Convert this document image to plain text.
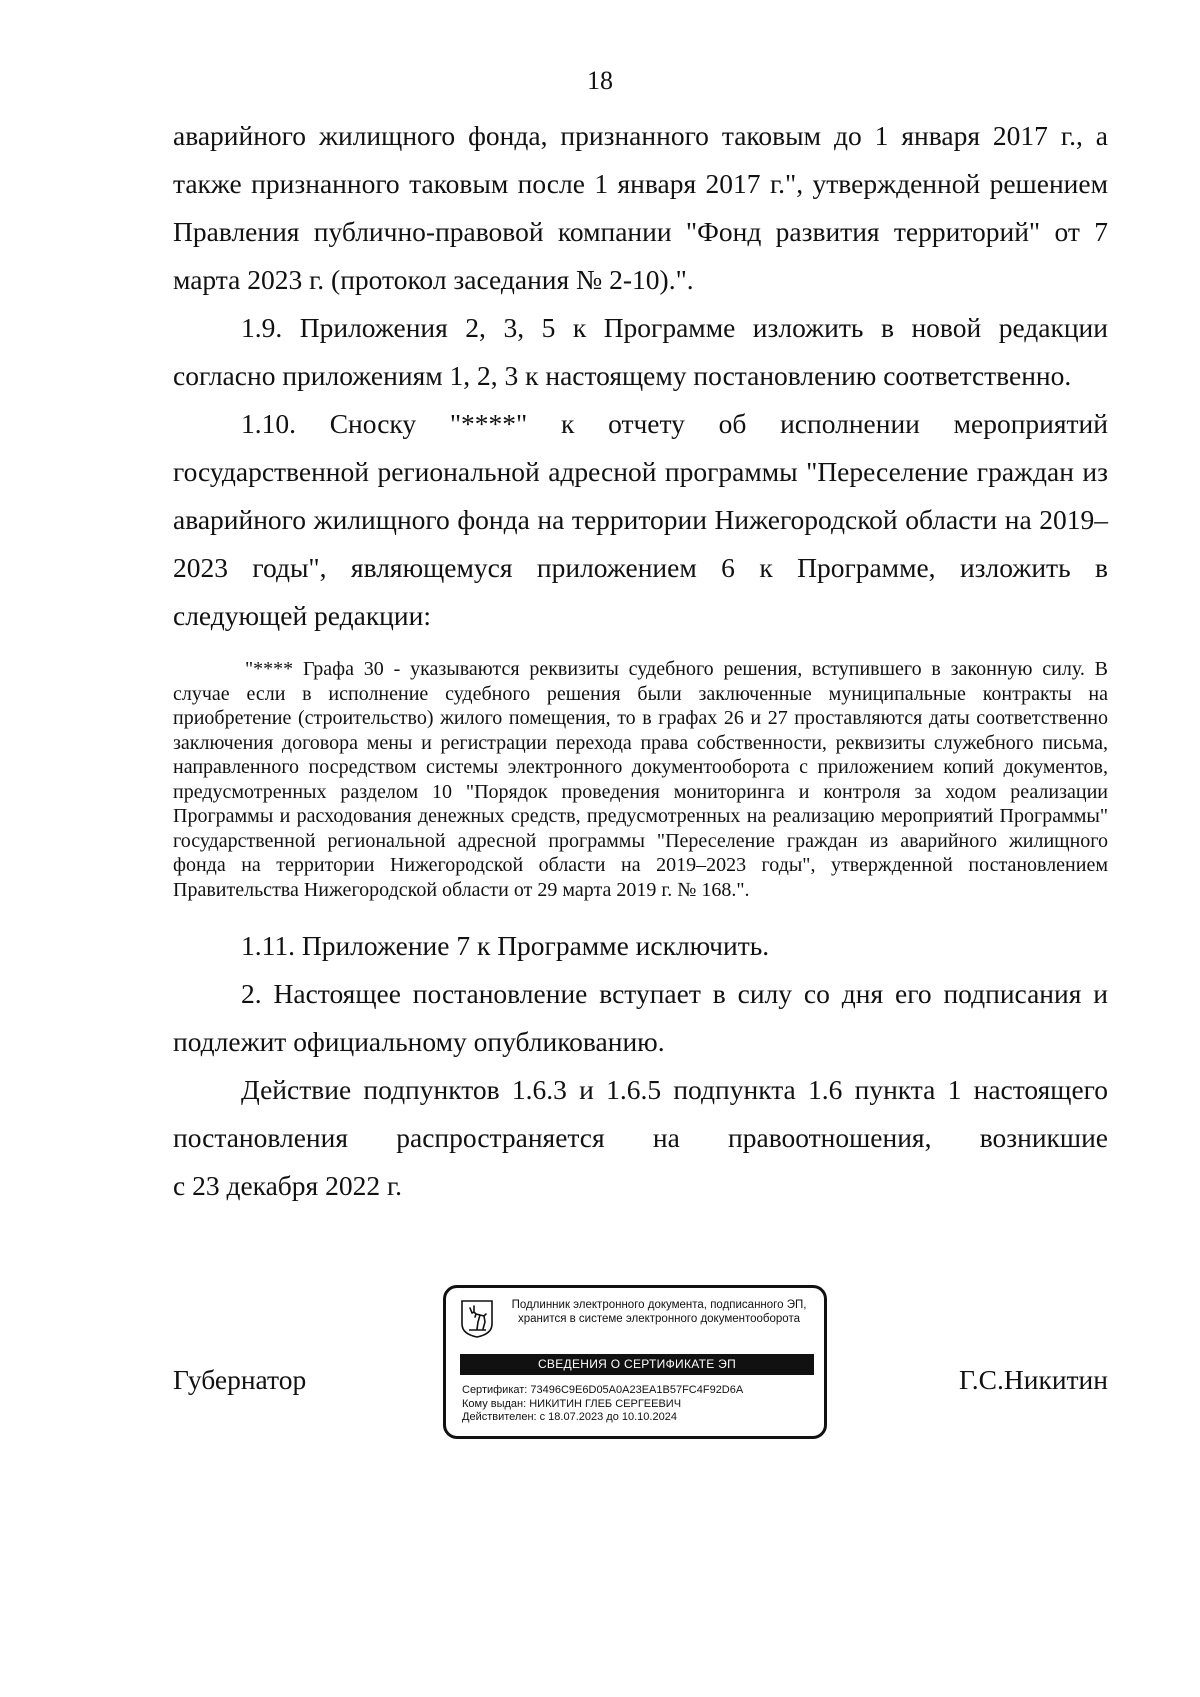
18

аварийного жилищного фонда, признанного таковым до 1 января 2017 г., а также признанного таковым после 1 января 2017 г.", утвержденной решением Правления публично-правовой компании "Фонд развития территорий" от 7 марта 2023 г. (протокол заседания № 2-10).".

1.9. Приложения 2, 3, 5 к Программе изложить в новой редакции согласно приложениям 1, 2, 3 к настоящему постановлению соответственно.

1.10. Сноску "****" к отчету об исполнении мероприятий государственной региональной адресной программы "Переселение граждан из аварийного жилищного фонда на территории Нижегородской области на 2019–2023 годы", являющемуся приложением 6 к Программе, изложить в следующей редакции:

"**** Графа 30 - указываются реквизиты судебного решения, вступившего в законную силу. В случае если в исполнение судебного решения были заключенные муниципальные контракты на приобретение (строительство) жилого помещения, то в графах 26 и 27 проставляются даты соответственно заключения договора мены и регистрации перехода права собственности, реквизиты служебного письма, направленного посредством системы электронного документооборота с приложением копий документов, предусмотренных разделом 10 "Порядок проведения мониторинга и контроля за ходом реализации Программы и расходования денежных средств, предусмотренных на реализацию мероприятий Программы" государственной региональной адресной программы "Переселение граждан из аварийного жилищного фонда на территории Нижегородской области на 2019–2023 годы", утвержденной постановлением Правительства Нижегородской области от 29 марта 2019 г. № 168.".

1.11. Приложение 7 к Программе исключить.

2. Настоящее постановление вступает в силу со дня его подписания и подлежит официальному опубликованию.

Действие подпунктов 1.6.3 и 1.6.5 подпункта 1.6 пункта 1 настоящего

постановления распространяется на правоотношения, возникшие

с 23 декабря 2022 г.

Губернатор
Подлинник электронного документа, подписанного ЭП, хранится в системе электронного документооборота
СВЕДЕНИЯ О СЕРТИФИКАТЕ ЭП
Сертификат: 73496C9E6D05A0A23EA1B57FC4F92D6A
Кому выдан: НИКИТИН ГЛЕБ СЕРГЕЕВИЧ
Действителен: с 18.07.2023 до 10.10.2024
Г.С.Никитин
